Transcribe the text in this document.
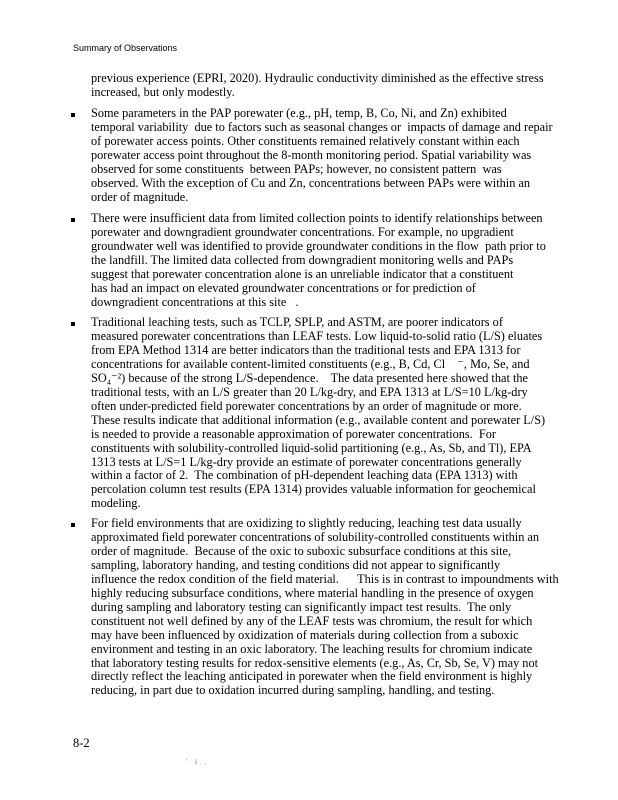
Summary of Observations
previous experience (EPRI, 2020). Hydraulic conductivity diminished as the effective stress
increased, but only modestly.
Some parameters in the PAP porewater (e.g., pH, temp, B, Co, Ni, and Zn) exhibited
temporal variability  due to factors such as seasonal changes or  impacts of damage and repair
of porewater access points. Other constituents remained relatively constant within each
porewater access point throughout the 8-month monitoring period. Spatial variability was
observed for some constituents  between PAPs; however, no consistent pattern  was
observed. With the exception of Cu and Zn, concentrations between PAPs were within an
order of magnitude.
There were insufficient data from limited collection points to identify relationships between
porewater and downgradient groundwater concentrations. For example, no upgradient
groundwater well was identified to provide groundwater conditions in the flow  path prior to
the landfill. The limited data collected from downgradient monitoring wells and PAPs
suggest that porewater concentration alone is an unreliable indicator that a constituent
has had an impact on elevated groundwater concentrations or for prediction of
downgradient concentrations at this site   .
Traditional leaching tests, such as TCLP, SPLP, and ASTM, are poorer indicators of
measured porewater concentrations than LEAF tests. Low liquid-to-solid ratio (L/S) eluates
from EPA Method 1314 are better indicators than the traditional tests and EPA 1313 for
concentrations for available content-limited constituents (e.g., B, Cd, Cl    ⁻, Mo, Se, and
SO₄⁻²) because of the strong L/S-dependence.    The data presented here showed that the
traditional tests, with an L/S greater than 20 L/kg-dry, and EPA 1313 at L/S=10 L/kg-dry
often under-predicted field porewater concentrations by an order of magnitude or more.
These results indicate that additional information (e.g., available content and porewater L/S)
is needed to provide a reasonable approximation of porewater concentrations.  For
constituents with solubility-controlled liquid-solid partitioning (e.g., As, Sb, and Tl), EPA
1313 tests at L/S=1 L/kg-dry provide an estimate of porewater concentrations generally
within a factor of 2.  The combination of pH-dependent leaching data (EPA 1313) with
percolation column test results (EPA 1314) provides valuable information for geochemical
modeling.
For field environments that are oxidizing to slightly reducing, leaching test data usually
approximated field porewater concentrations of solubility-controlled constituents within an
order of magnitude.  Because of the oxic to suboxic subsurface conditions at this site,
sampling, laboratory handing, and testing conditions did not appear to significantly
influence the redox condition of the field material.      This is in contrast to impoundments with
highly reducing subsurface conditions, where material handling in the presence of oxygen
during sampling and laboratory testing can significantly impact test results.  The only
constituent not well defined by any of the LEAF tests was chromium, the result for which
may have been influenced by oxidization of materials during collection from a suboxic
environment and testing in an oxic laboratory. The leaching results for chromium indicate
that laboratory testing results for redox-sensitive elements (e.g., As, Cr, Sb, Se, V) may not
directly reflect the leaching anticipated in porewater when the field environment is highly
reducing, in part due to oxidation incurred during sampling, handling, and testing.
8-2
' i .
